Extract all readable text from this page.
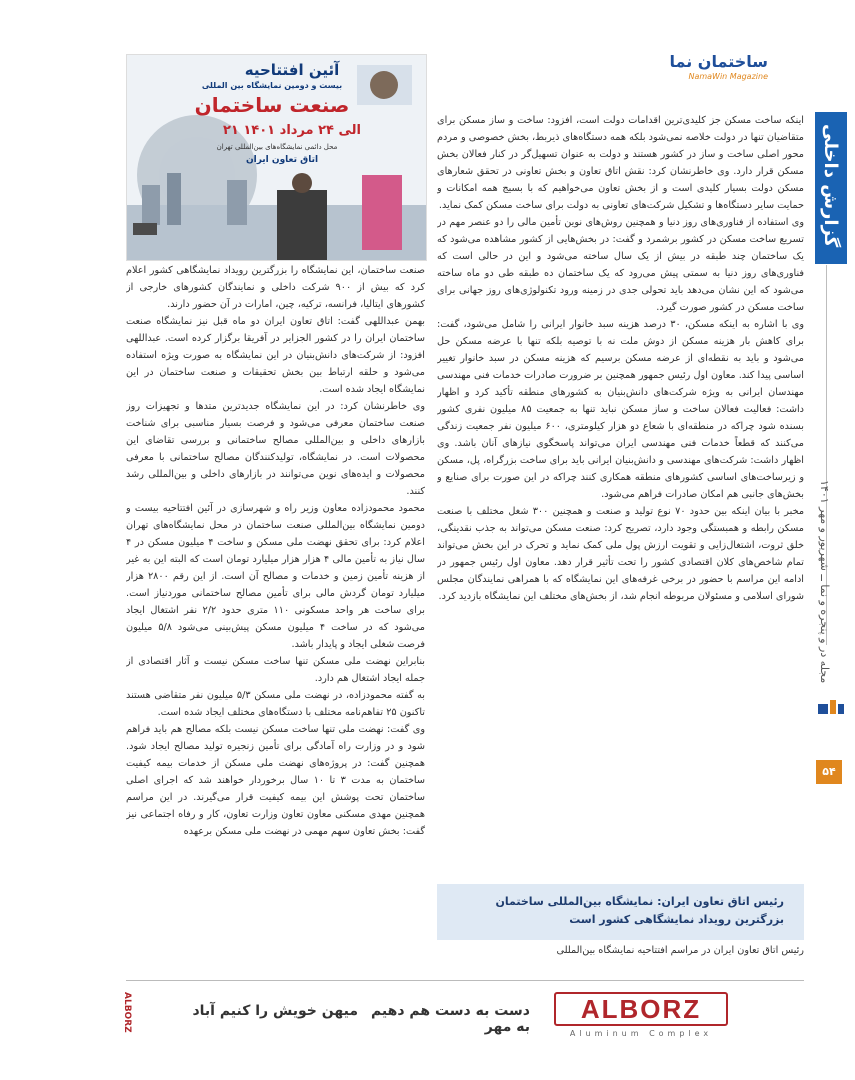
ساختمان نما
NamaWin Magazine
گزارش داخلی
مجله در و پنجره و نما ــ شهریور و مهر ۱۴۰۱
۵۴
آئین افتتاحیه
بیست و دومین نمایشگاه بین المللی
صنعت ساختمان
۲۱ الی ۲۴ مرداد ۱۴۰۱
محل دائمی نمایشگاه‌های بین‌المللی تهران
اتاق تعاون ایران

اینکه ساخت مسکن جز کلیدی‌ترین اقدامات دولت است، افزود: ساخت و ساز مسکن برای متقاضیان تنها در دولت خلاصه نمی‌شود بلکه همه دستگاه‌های ذیربط، بخش خصوصی و مردم محور اصلی ساخت و ساز در کشور هستند و دولت به عنوان تسهیل‌گر در کنار فعالان بخش مسکن قرار دارد. وی خاطرنشان کرد: نقش اتاق تعاون و بخش تعاونی در تحقق شعارهای مسکن دولت بسیار کلیدی است و از بخش تعاون می‌خواهیم که با بسیج همه امکانات و حمایت سایر دستگاه‌ها و تشکیل شرکت‌های تعاونی به دولت برای ساخت مسکن کمک نماید.

وی استفاده از فناوری‌های روز دنیا و همچنین روش‌های نوین تأمین مالی را دو عنصر مهم در تسریع ساخت مسکن در کشور برشمرد و گفت: در بخش‌هایی از کشور مشاهده می‌شود که یک ساختمان چند طبقه در بیش از یک سال ساخته می‌شود و این در حالی است که فناوری‌های روز دنیا به سمتی پیش می‌رود که یک ساختمان ده طبقه طی دو ماه ساخته می‌شود که این نشان می‌دهد باید تحولی جدی در زمینه ورود تکنولوژی‌های روز جهانی برای ساخت مسکن در کشور صورت گیرد.

وی با اشاره به اینکه مسکن، ۳۰ درصد هزینه سبد خانوار ایرانی را شامل می‌شود، گفت: برای کاهش بار هزینه مسکن از دوش ملت نه با توصیه بلکه تنها با عرضه مسکن حل می‌شود و باید به نقطه‌ای از عرضه مسکن برسیم که هزینه مسکن در سبد خانوار تغییر اساسی پیدا کند. معاون اول رئیس جمهور همچنین بر ضرورت صادرات خدمات فنی مهندسی مهندسان ایرانی به ویژه شرکت‌های دانش‌بنیان به کشورهای منطقه تأکید کرد و اظهار داشت: فعالیت فعالان ساخت و ساز مسکن نباید تنها به جمعیت ۸۵ میلیون نفری کشور بسنده شود چراکه در منطقه‌ای با شعاع دو هزار کیلومتری، ۶۰۰ میلیون نفر جمعیت زندگی می‌کنند که قطعاً خدمات فنی مهندسی ایران می‌تواند پاسخگوی نیازهای آنان باشد. وی اظهار داشت: شرکت‌های مهندسی و دانش‌بنیان ایرانی باید برای ساخت بزرگراه، پل، مسکن و زیرساخت‌های اساسی کشورهای منطقه همکاری کنند چراکه در این صورت برای صنایع و بخش‌های جانبی هم امکان صادرات فراهم می‌شود.

مخبر با بیان اینکه بین حدود ۷۰ نوع تولید و صنعت و همچنین ۳۰۰ شغل مختلف با صنعت مسکن رابطه و همبستگی وجود دارد، تصریح کرد: صنعت مسکن می‌تواند به جذب نقدینگی، خلق ثروت، اشتغال‌زایی و تقویت ارزش پول ملی کمک نماید و تحرک در این بخش می‌تواند تمام شاخص‌های کلان اقتصادی کشور را تحت تأثیر قرار دهد. معاون اول رئیس جمهور در ادامه این مراسم با حضور در برخی غرفه‌های این نمایشگاه که با همراهی نمایندگان مجلس شورای اسلامی و مسئولان مربوطه انجام شد، از بخش‌های مختلف این نمایشگاه بازدید کرد.

صنعت ساختمان، این نمایشگاه را بزرگترین رویداد نمایشگاهی کشور اعلام کرد که بیش از ۹۰۰ شرکت داخلی و نمایندگان کشورهای خارجی از کشورهای ایتالیا، فرانسه، ترکیه، چین، امارات در آن حضور دارند.

بهمن عبداللهی گفت: اتاق تعاون ایران دو ماه قبل نیز نمایشگاه صنعت ساختمان ایران را در کشور الجزایر در آفریقا برگزار کرده است. عبداللهی افزود: از شرکت‌های دانش‌بنیان در این نمایشگاه به صورت ویژه استفاده می‌شود و حلقه ارتباط بین بخش تحقیقات و صنعت ساختمان در این نمایشگاه ایجاد شده است.

وی خاطرنشان کرد: در این نمایشگاه جدیدترین متدها و تجهیزات روز صنعت ساختمان معرفی می‌شود و فرصت بسیار مناسبی برای شناخت بازارهای داخلی و بین‌المللی مصالح ساختمانی و بررسی تقاضای این محصولات است. در نمایشگاه، تولیدکنندگان مصالح ساختمانی با معرفی محصولات و ایده‌های نوین می‌توانند در بازارهای داخلی و بین‌المللی رشد کنند.

محمود محمودزاده معاون وزیر راه و شهرسازی در آئین افتتاحیه بیست و دومین نمایشگاه بین‌المللی صنعت ساختمان در محل نمایشگاه‌های تهران اعلام کرد: برای تحقق نهضت ملی مسکن و ساخت ۴ میلیون مسکن در ۴ سال نیاز به تأمین مالی ۴ هزار هزار میلیارد تومان است که البته این به غیر از هزینه تأمین زمین و خدمات و مصالح آن است. از این رقم ۲۸۰۰ هزار میلیارد تومان گردش مالی برای تأمین مصالح ساختمانی موردنیاز است. برای ساخت هر واحد مسکونی ۱۱۰ متری حدود ۲/۲ نفر اشتغال ایجاد می‌شود که در ساخت ۴ میلیون مسکن پیش‌بینی می‌شود ۵/۸ میلیون فرصت شغلی ایجاد و پایدار باشد.

بنابراین نهضت ملی مسکن تنها ساخت مسکن نیست و آثار اقتصادی از جمله ایجاد اشتغال هم دارد.

به گفته محمودزاده، در نهضت ملی مسکن ۵/۳ میلیون نفر متقاضی هستند تاکنون ۲۵ تفاهم‌نامه مختلف با دستگاه‌های مختلف ایجاد شده است.

وی گفت: نهضت ملی تنها ساخت مسکن نیست بلکه مصالح هم باید فراهم شود و در وزارت راه آمادگی برای تأمین زنجیره تولید مصالح ایجاد شود. همچنین گفت: در پروژه‌های نهضت ملی مسکن از خدمات بیمه کیفیت ساختمان به مدت ۳ تا ۱۰ سال برخوردار خواهند شد که اجرای اصلی ساختمان تحت پوشش این بیمه کیفیت قرار می‌گیرند. در این مراسم همچنین مهدی مسکنی معاون تعاون وزارت تعاون، کار و رفاه اجتماعی نیز گفت: بخش تعاون سهم مهمی در نهضت ملی مسکن برعهده

رئیس اتاق تعاون ایران: نمایشگاه بین‌المللی ساختمان
بزرگترین رویداد نمایشگاهی کشور است
رئیس اتاق تعاون ایران در مراسم افتتاحیه نمایشگاه بین‌المللی
ALBORZ
Aluminum Complex
دست به دست هم دهیم به مهر
میهن خویش را کنیم آباد
ALBORZ
